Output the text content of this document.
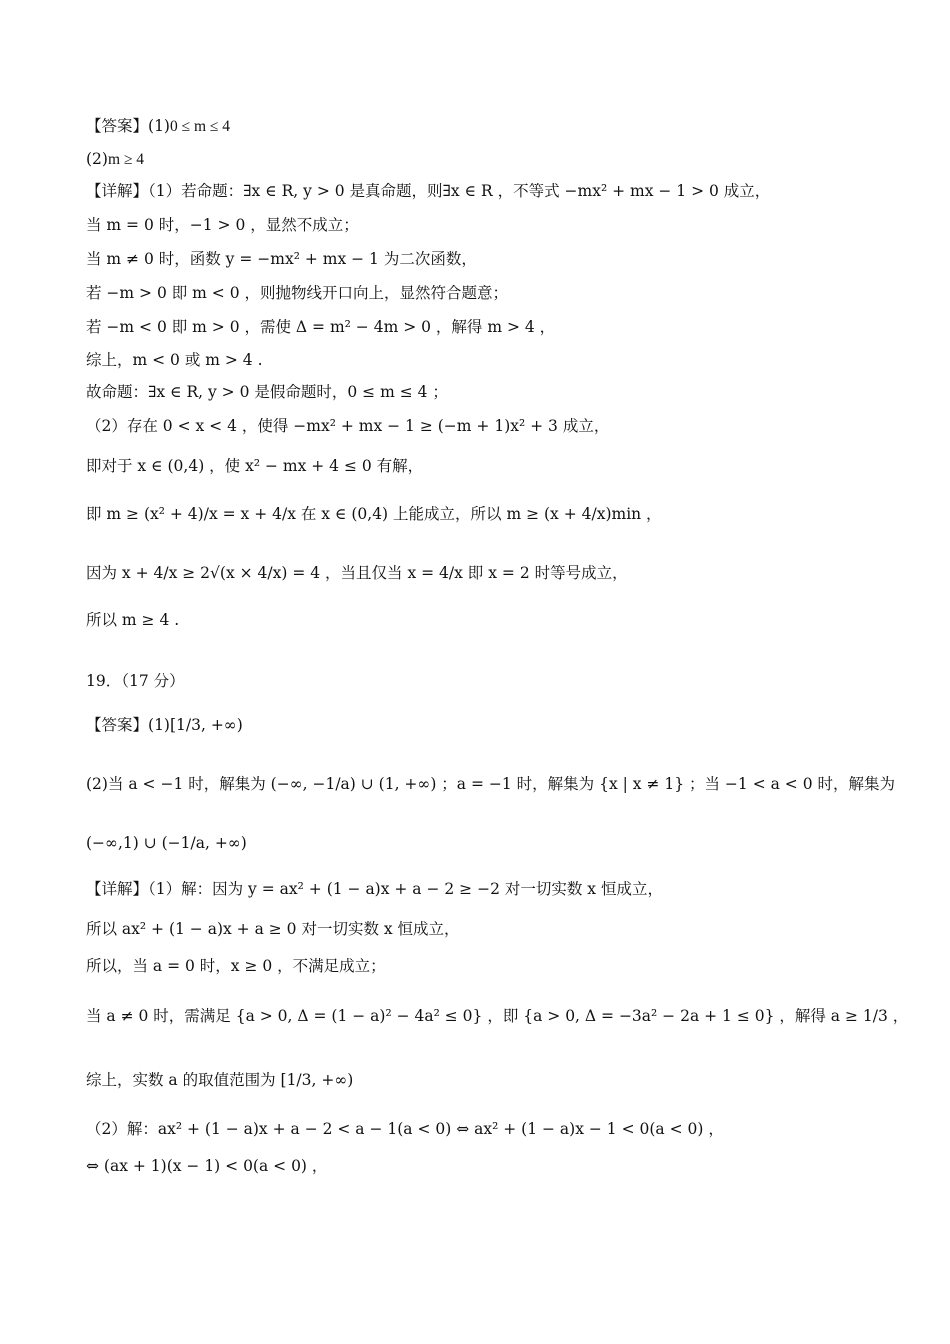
【答案】(1)0 ≤ m ≤ 4
(2)m ≥ 4
【详解】（1）若命题：∃x ∈ R, y > 0 是真命题，则∃x ∈ R ，不等式 −mx² + mx − 1 > 0 成立，
当 m = 0 时，−1 > 0 ，显然不成立；
当 m ≠ 0 时，函数 y = −mx² + mx − 1 为二次函数，
若 −m > 0 即 m < 0 ，则抛物线开口向上，显然符合题意；
若 −m < 0 即 m > 0 ，需使 Δ = m² − 4m > 0 ，解得 m > 4 ，
综上，m < 0 或 m > 4 .
故命题：∃x ∈ R, y > 0 是假命题时，0 ≤ m ≤ 4 ；
（2）存在 0 < x < 4 ，使得 −mx² + mx − 1 ≥ (−m + 1)x² + 3 成立，
即对于 x ∈ (0,4) ，使 x² − mx + 4 ≤ 0 有解，
即 m ≥ (x² + 4)/x = x + 4/x 在 x ∈ (0,4) 上能成立，所以 m ≥ (x + 4/x)min ，
因为 x + 4/x ≥ 2√(x × 4/x) = 4 ，当且仅当 x = 4/x 即 x = 2 时等号成立，
所以 m ≥ 4 .
19．（17 分）
【答案】(1)[1/3, +∞)
(2)当 a < −1 时，解集为 (−∞, −1/a) ∪ (1, +∞) ；a = −1 时，解集为 {x | x ≠ 1} ；当 −1 < a < 0 时，解集为
(−∞,1) ∪ (−1/a, +∞)
【详解】（1）解：因为 y = ax² + (1 − a)x + a − 2 ≥ −2 对一切实数 x 恒成立，
所以 ax² + (1 − a)x + a ≥ 0 对一切实数 x 恒成立，
所以，当 a = 0 时，x ≥ 0 ，不满足成立；
当 a ≠ 0 时，需满足 {a > 0, Δ = (1 − a)² − 4a² ≤ 0} ，即 {a > 0, Δ = −3a² − 2a + 1 ≤ 0} ，解得 a ≥ 1/3 ，
综上，实数 a 的取值范围为 [1/3, +∞)
（2）解：ax² + (1 − a)x + a − 2 < a − 1(a < 0) ⇔ ax² + (1 − a)x − 1 < 0(a < 0) ，
⇔ (ax + 1)(x − 1) < 0(a < 0) ，
